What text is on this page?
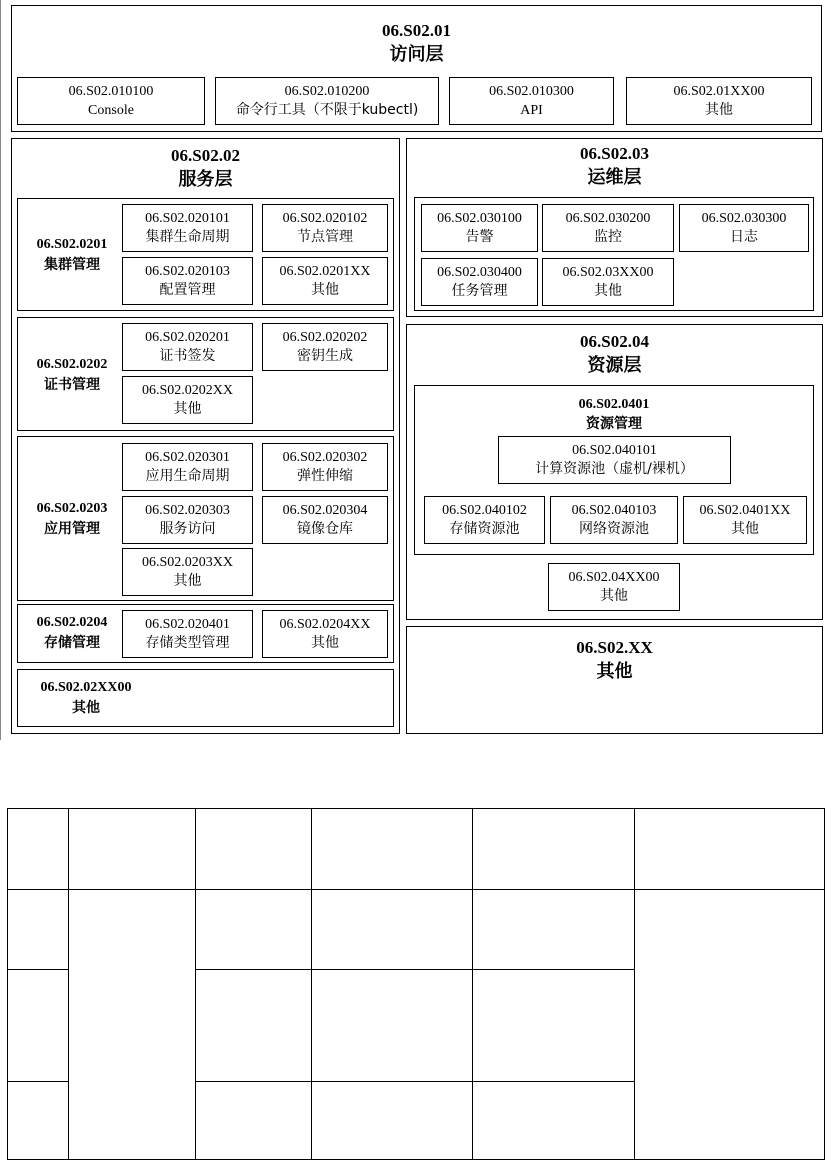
06.S02.01
访问层
06.S02.010100
Console
06.S02.010200
命令行工具（不限于kubectl)
06.S02.010300
API
06.S02.01XX00
其他
06.S02.02
服务层
06.S02.0201
集群管理
06.S02.020101
集群生命周期
06.S02.020102
节点管理
06.S02.020103
配置管理
06.S02.0201XX
其他
06.S02.0202
证书管理
06.S02.020201
证书签发
06.S02.020202
密钥生成
06.S02.0202XX
其他
06.S02.0203
应用管理
06.S02.020301
应用生命周期
06.S02.020302
弹性伸缩
06.S02.020303
服务访问
06.S02.020304
镜像仓库
06.S02.0203XX
其他
06.S02.0204
存储管理
06.S02.020401
存储类型管理
06.S02.0204XX
其他
06.S02.02XX00
其他
06.S02.03
运维层
06.S02.030100
告警
06.S02.030200
监控
06.S02.030300
日志
06.S02.030400
任务管理
06.S02.03XX00
其他
06.S02.04
资源层
06.S02.0401
资源管理
06.S02.040101
计算资源池（虚机/裸机）
06.S02.040102
存储资源池
06.S02.040103
网络资源池
06.S02.0401XX
其他
06.S02.04XX00
其他
06.S02.XX
其他
